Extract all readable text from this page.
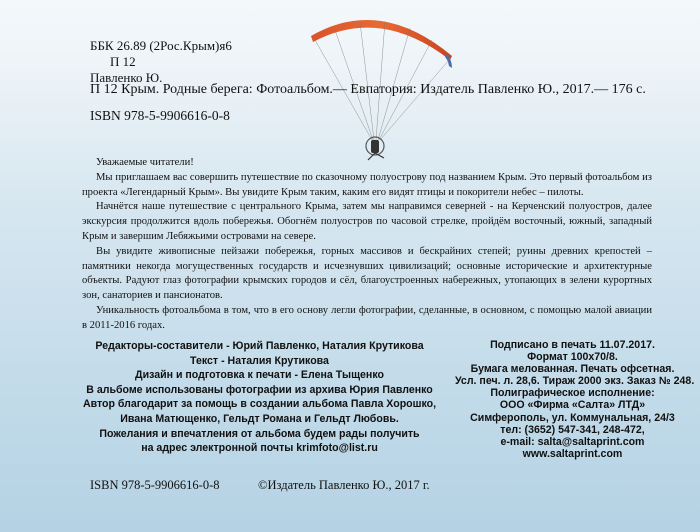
ББК 26.89 (2Рос.Крым)я6

П 12

Павленко Ю.

П 12 Крым. Родные берега: Фотоальбом.— Евпатория: Издатель Павленко Ю., 2017.— 176 с.

ISBN 978-5-9906616-0-8

Уважаемые читатели!

Мы приглашаем вас совершить путешествие по сказочному полуострову под названием Крым. Это первый фотоальбом из проекта «Легендарный Крым». Вы увидите Крым таким, каким его видят птицы и покорители небес – пилоты.

Начнётся наше путешествие с центрального Крыма, затем мы направимся северней - на Керченский полуостров, далее экскурсия продолжится вдоль побережья. Обогнём полуостров по часовой стрелке, пройдём восточный, южный, западный Крым и завершим Лебяжьими островами на севере.

Вы увидите живописные пейзажи побережья, горных массивов и бескрайних степей; руины древних крепостей – памятники некогда могущественных государств и исчезнувших цивилизаций; основные исторические и архитектурные объекты. Радуют глаз фотографии крымских городов и сёл, благоустроенных набережных, утопающих в зелени курортных зон, санаториев и пансионатов.

Уникальность фотоальбома в том, что в его основу легли фотографии, сделанные, в основном, с помощью малой авиации в 2011-2016 годах.

Редакторы-составители - Юрий Павленко, Наталия Крутикова
Текст - Наталия Крутикова
Дизайн и подготовка к печати - Елена Тыщенко
В альбоме использованы фотографии из архива Юрия Павленко
Автор благодарит за помощь в создании альбома Павла Хорошко,
Ивана Матющенко, Гельдт Романа и Гельдт Любовь.
Пожелания и впечатления от альбома будем рады получить
на адрес электронной почты krimfoto@list.ru
Подписано в печать 11.07.2017.
Формат 100х70/8.
Бумага мелованная. Печать офсетная.
Усл. печ. л. 28,6. Тираж 2000 экз. Заказ № 248.
Полиграфическое исполнение:
ООО «Фирма «Салта» ЛТД»
Симферополь, ул. Коммунальная, 24/3
тел: (3652) 547-341, 248-472,
e-mail: salta@saltaprint.com
www.saltaprint.com

ISBN 978-5-9906616-0-8	©Издатель Павленко Ю., 2017 г.
